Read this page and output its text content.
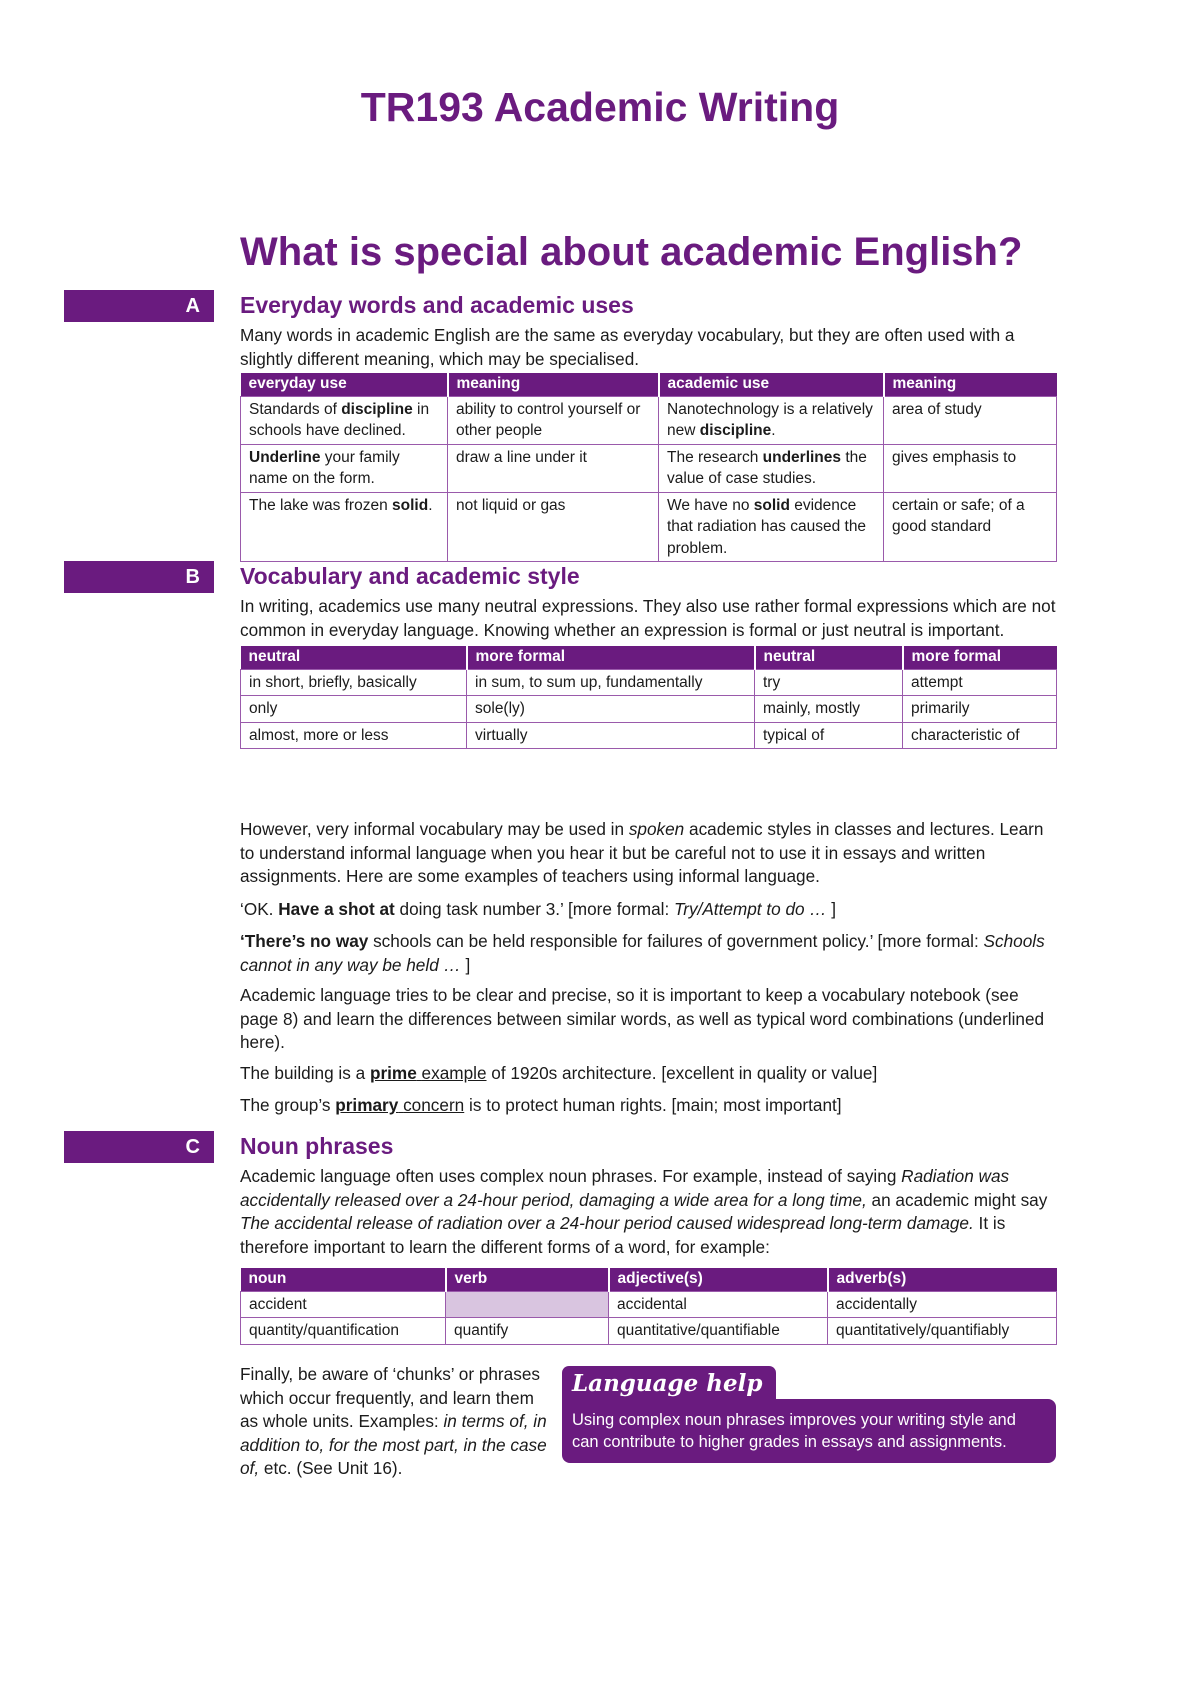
TR193 Academic Writing
What is special about academic English?
A	Everyday words and academic uses

Many words in academic English are the same as everyday vocabulary, but they are often used with a slightly different meaning, which may be specialised.

everyday use	meaning	academic use	meaning
Standards of discipline in schools have declined.	ability to control yourself or other people	Nanotechnology is a relatively new discipline.	area of study
Underline your family name on the form.	draw a line under it	The research underlines the value of case studies.	gives emphasis to
The lake was frozen solid.	not liquid or gas	We have no solid evidence that radiation has caused the problem.	certain or safe; of a good standard
B	Vocabulary and academic style

In writing, academics use many neutral expressions. They also use rather formal expressions which are not common in everyday language. Knowing whether an expression is formal or just neutral is important.

neutral	more formal	neutral	more formal
in short, briefly, basically	in sum, to sum up, fundamentally	try	attempt
only	sole(ly)	mainly, mostly	primarily
almost, more or less	virtually	typical of	characteristic of

However, very informal vocabulary may be used in spoken academic styles in classes and lectures. Learn to understand informal language when you hear it but be careful not to use it in essays and written assignments. Here are some examples of teachers using informal language.

‘OK. Have a shot at doing task number 3.’ [more formal: Try/Attempt to do … ]

‘There’s no way schools can be held responsible for failures of government policy.’ [more formal: Schools cannot in any way be held … ]

Academic language tries to be clear and precise, so it is important to keep a vocabulary notebook (see page 8) and learn the differences between similar words, as well as typical word combinations (underlined here).

The building is a prime example of 1920s architecture. [excellent in quality or value]

The group’s primary concern is to protect human rights. [main; most important]

C	Noun phrases

Academic language often uses complex noun phrases. For example, instead of saying Radiation was accidentally released over a 24-hour period, damaging a wide area for a long time, an academic might say The accidental release of radiation over a 24-hour period caused widespread long-term damage. It is therefore important to learn the different forms of a word, for example:

noun	verb	adjective(s)	adverb(s)
accident		accidental	accidentally
quantity/quantification	quantify	quantitative/quantifiable	quantitatively/quantifiably

Finally, be aware of ‘chunks’ or phrases which occur frequently, and learn them as whole units. Examples: in terms of, in addition to, for the most part, in the case of, etc. (See Unit 16).

Language help
Using complex noun phrases improves your writing style and can contribute to higher grades in essays and assignments.
